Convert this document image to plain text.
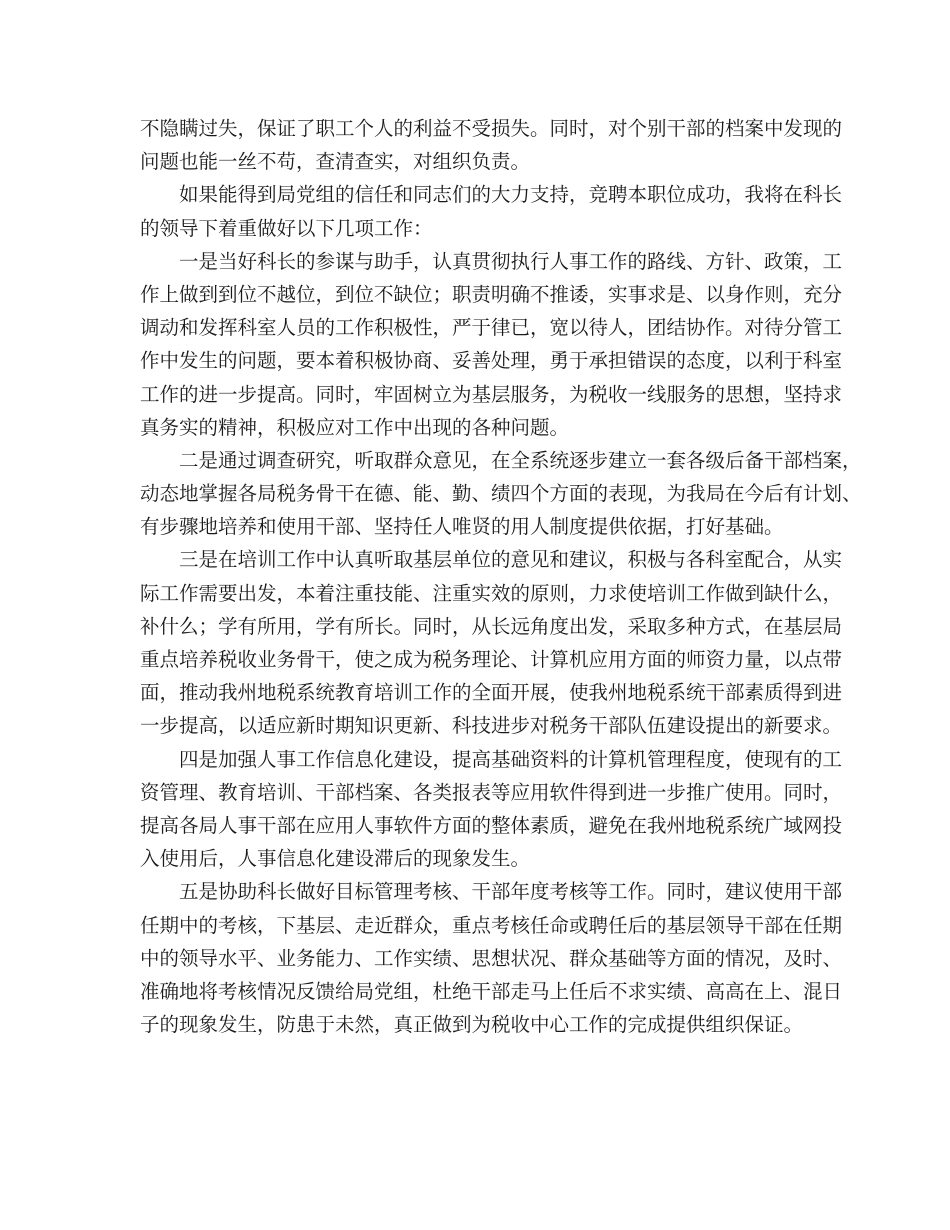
不隐瞒过失，保证了职工个人的利益不受损失。同时，对个别干部的档案中发现的
问题也能一丝不苟，查清查实，对组织负责。
如果能得到局党组的信任和同志们的大力支持，竞聘本职位成功，我将在科长
的领导下着重做好以下几项工作：
一是当好科长的参谋与助手，认真贯彻执行人事工作的路线、方针、政策，工
作上做到到位不越位，到位不缺位；职责明确不推诿，实事求是、以身作则，充分
调动和发挥科室人员的工作积极性，严于律已，宽以待人，团结协作。对待分管工
作中发生的问题，要本着积极协商、妥善处理，勇于承担错误的态度，以利于科室
工作的进一步提高。同时，牢固树立为基层服务，为税收一线服务的思想，坚持求
真务实的精神，积极应对工作中出现的各种问题。
二是通过调查研究，听取群众意见，在全系统逐步建立一套各级后备干部档案，
动态地掌握各局税务骨干在德、能、勤、绩四个方面的表现，为我局在今后有计划、
有步骤地培养和使用干部、坚持任人唯贤的用人制度提供依据，打好基础。
三是在培训工作中认真听取基层单位的意见和建议，积极与各科室配合，从实
际工作需要出发，本着注重技能、注重实效的原则，力求使培训工作做到缺什么，
补什么；学有所用，学有所长。同时，从长远角度出发，采取多种方式，在基层局
重点培养税收业务骨干，使之成为税务理论、计算机应用方面的师资力量，以点带
面，推动我州地税系统教育培训工作的全面开展，使我州地税系统干部素质得到进
一步提高，以适应新时期知识更新、科技进步对税务干部队伍建设提出的新要求。
四是加强人事工作信息化建设，提高基础资料的计算机管理程度，使现有的工
资管理、教育培训、干部档案、各类报表等应用软件得到进一步推广使用。同时，
提高各局人事干部在应用人事软件方面的整体素质，避免在我州地税系统广域网投
入使用后，人事信息化建设滞后的现象发生。
五是协助科长做好目标管理考核、干部年度考核等工作。同时，建议使用干部
任期中的考核，下基层、走近群众，重点考核任命或聘任后的基层领导干部在任期
中的领导水平、业务能力、工作实绩、思想状况、群众基础等方面的情况，及时、
准确地将考核情况反馈给局党组，杜绝干部走马上任后不求实绩、高高在上、混日
子的现象发生，防患于未然，真正做到为税收中心工作的完成提供组织保证。
